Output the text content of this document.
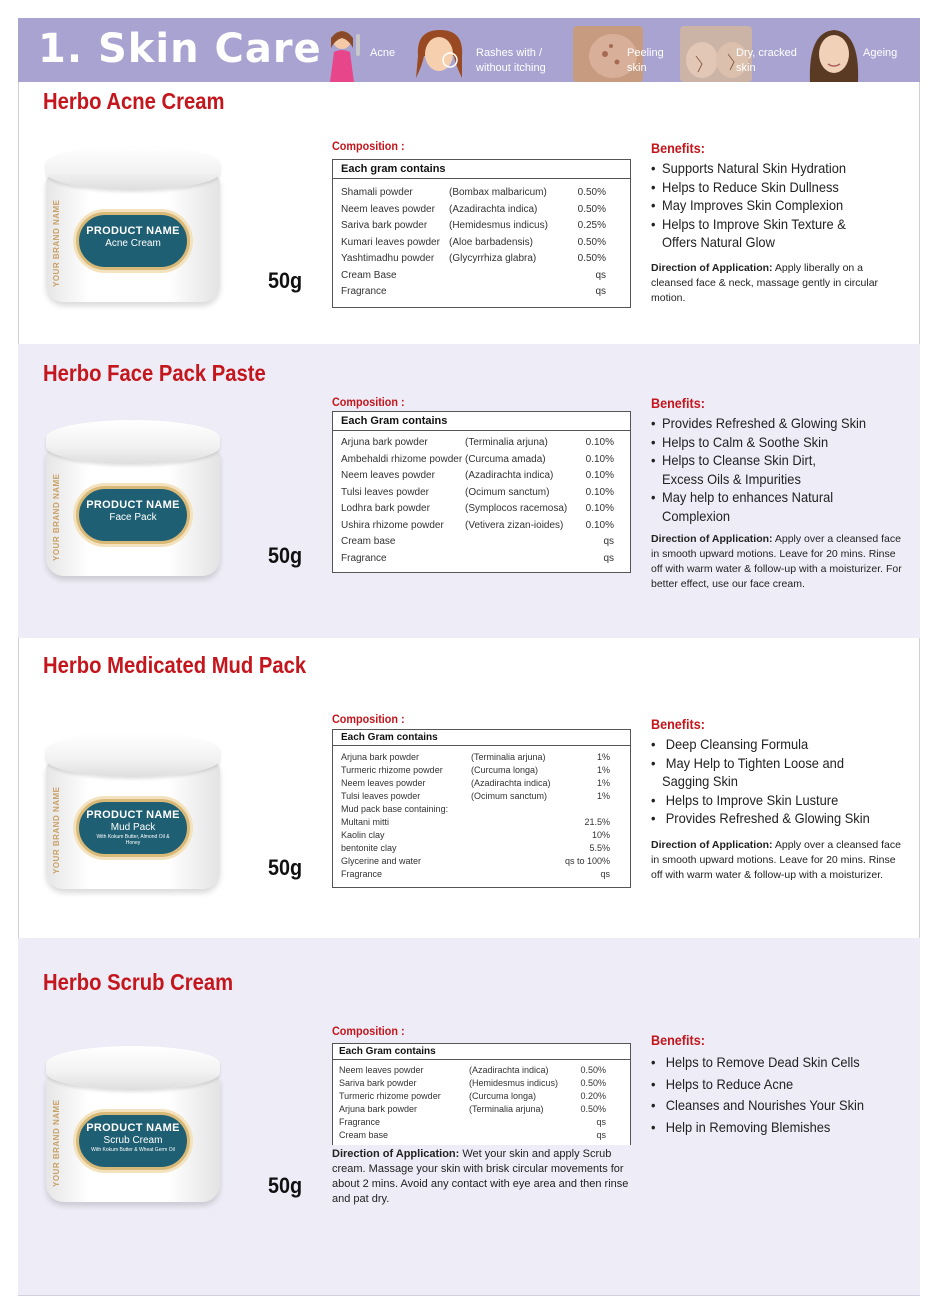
1. Skin Care	Acne	Rashes with / without itching
Peeling skin
Dry, cracked skin
Ageing
Herbo Acne Cream
YOUR BRAND NAME	PRODUCT NAME
Acne Cream
50g
Composition :
Each gram contains
Shamali powder	(Bombax malbaricum)	0.50%
Neem leaves powder (Azadirachta indica)	0.50%
Sariva bark powder (Hemidesmus indicus)	0.25%
Kumari leaves powder (Aloe barbadensis)	0.50%
Yashtimadhu powder (Glycyrrhiza glabra)	0.50%
Cream Base	qs
Fragrance	qs
Benefits:
• Supports Natural Skin Hydration
• Helps to Reduce Skin Dullness
• May Improves Skin Complexion
• Helps to Improve Skin Texture &
Offers Natural Glow
Direction of Application: Apply liberally on a cleansed face & neck, massage gently in circular motion.
Herbo Face Pack Paste
YOUR BRAND NAME	PRODUCT NAME
Face Pack
50g
Composition :
Each Gram contains
Arjuna bark powder	(Terminalia arjuna)	0.10%
Ambehaldi rhizome powder (Curcuma amada)	0.10%
Neem leaves powder	(Azadirachta indica)	0.10%
Tulsi leaves powder	(Ocimum sanctum)	0.10%
Lodhra bark powder	(Symplocos racemosa) 0.10%
Ushira rhizome powder (Vetivera zizan-ioides) 0.10%
Cream base	qs
Fragrance	qs
Benefits:
• Provides Refreshed & Glowing Skin
• Helps to Calm & Soothe Skin
• Helps to Cleanse Skin Dirt,
Excess Oils & Impurities
• May help to enhances Natural
Complexion
Direction of Application: Apply over a cleansed face in smooth upward motions. Leave for 20 mins. Rinse off with warm water & follow-up with a moisturizer. For better effect, use our face cream.
Herbo Medicated Mud Pack
YOUR BRAND NAME	PRODUCT NAME
Mud Pack
With Kokum Butter, Almond Oil & Honey
50g
Composition :
Each Gram contains
Arjuna bark powder	(Terminalia arjuna)	1%
Turmeric rhizome powder	(Curcuma longa)	1%
Neem leaves powder	(Azadirachta indica)	1%
Tulsi leaves powder	(Ocimum sanctum)	1%
Mud pack base containing:
Multani mitti	21.5%
Kaolin clay	10%
bentonite clay	5.5%
Glycerine and water	qs to 100%
Fragrance	qs
Benefits:
• Deep Cleansing Formula
• May Help to Tighten Loose and
Sagging Skin
• Helps to Improve Skin Lusture
• Provides Refreshed & Glowing Skin
Direction of Application: Apply over a cleansed face in smooth upward motions. Leave for 20 mins. Rinse off with warm water & follow-up with a moisturizer.
Herbo Scrub Cream
YOUR BRAND NAME	PRODUCT NAME
Scrub Cream
With Kokum Butter & Wheat Germ Oil
50g
Composition :
Each Gram contains
Neem leaves powder	(Azadirachta indica)	0.50%
Sariva bark powder	(Hemidesmus indicus) 0.50%
Turmeric rhizome powder	(Curcuma longa)	0.20%
Arjuna bark powder	(Terminalia arjuna)	0.50%
Fragrance	qs
Cream base	qs
Direction of Application: Wet your skin and apply Scrub cream. Massage your skin with brisk circular movements for about 2 mins. Avoid any contact with eye area and then rinse and pat dry.
Benefits:
• Helps to Remove Dead Skin Cells
• Helps to Reduce Acne
• Cleanses and Nourishes Your Skin
• Help in Removing Blemishes
